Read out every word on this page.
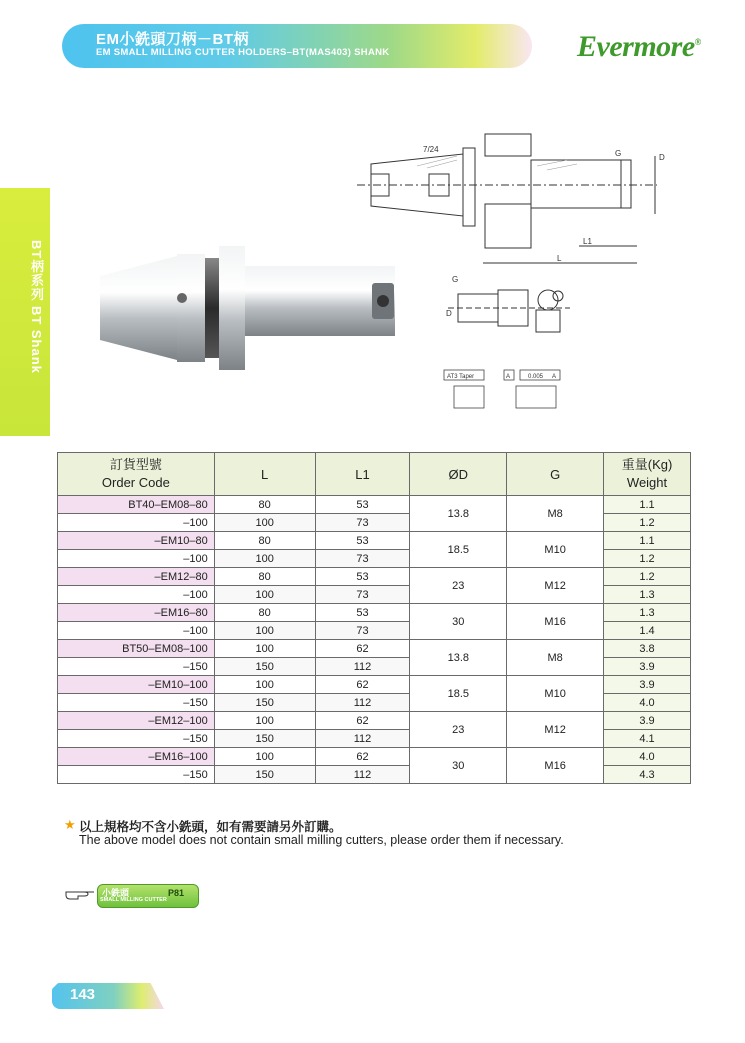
EM小銑頭刀柄－BT柄
EM SMALL MILLING CUTTER HOLDERS–BT(MAS403) SHANK	Evermore®
BT柄系列 BT Shank
7/24	G	D
L1
L
G
D
AT3 Taper	A	0.005 A
訂貨型號
Order Code	L	L1	ØD	G	重量(Kg)
Weight

BT40–EM08–80	80	53	13.8	M8	1.1
–100	100	73			1.2
–EM10–80	80	53	18.5	M10	1.1
–100	100	73			1.2
–EM12–80	80	53	23	M12	1.2
–100	100	73			1.3
–EM16–80	80	53	30	M16	1.3
–100	100	73			1.4
BT50–EM08–100	100	62	13.8	M8	3.8
–150	150	112			3.9
–EM10–100	100	62	18.5	M10	3.9
–150	150	112			4.0
–EM12–100	100	62	23	M12	3.9
–150	150	112			4.1
–EM16–100	100	62	30	M16	4.0
–150	150	112			4.3
★ 以上規格均不含小銑頭，如有需要請另外訂購。
The above model does not contain small milling cutters, please order them if necessary.
小銑頭
SMALL MILLING CUTTER
P81
143
